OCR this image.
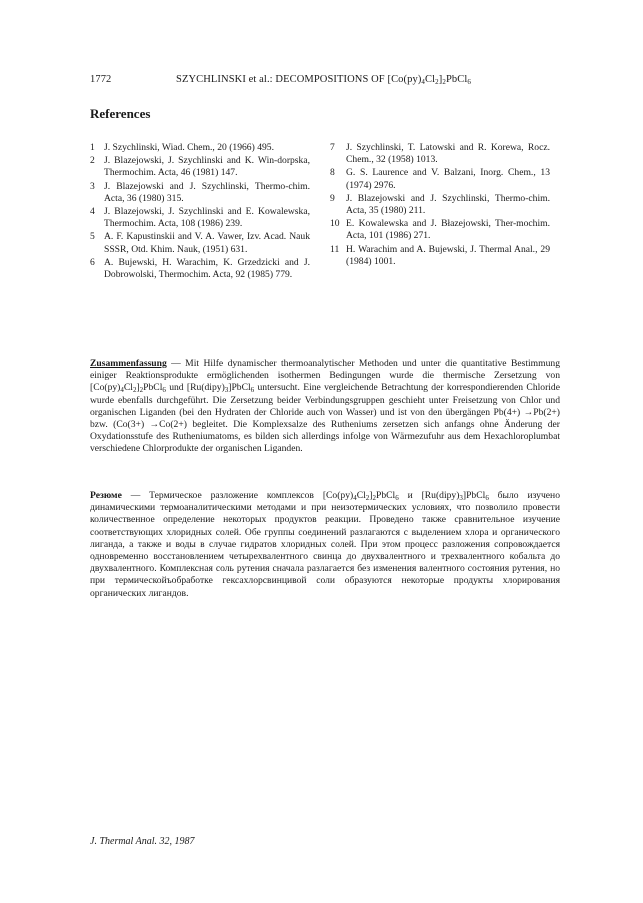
1772	SZYCHLINSKI et al.: DECOMPOSITIONS OF $[Co(py)_4Cl_2]_2PbCl_6$
References
1 J. Szychlinski, Wiad. Chem., 20 (1966) 495.
2 J. Blazejowski, J. Szychlinski and K. Win-dorpska, Thermochim. Acta, 46 (1981) 147.
3 J. Blazejowski and J. Szychlinski, Thermo-chim. Acta, 36 (1980) 315.
4 J. Blazejowski, J. Szychlinski and E. Kowalewska, Thermochim. Acta, 108 (1986) 239.
5 A. F. Kapustinskii and V. A. Vawer, Izv. Acad. Nauk SSSR, Otd. Khim. Nauk, (1951) 631.
6 A. Bujewski, H. Warachim, K. Grzedzicki and J. Dobrowolski, Thermochim. Acta, 92 (1985) 779.
7	J. Szychlinski, T. Latowski and R. Korewa, Rocz. Chem., 32 (1958) 1013.
8	G. S. Laurence and V. Balzani, Inorg. Chem., 13 (1974) 2976.
9	J. Blazejowski and J. Szychlinski, Thermo-chim. Acta, 35 (1980) 211.
10 E. Kowalewska and J. Błazejowski, Ther-mochim. Acta, 101 (1986) 271.
11 H. Warachim and A. Bujewski, J. Thermal Anal., 29 (1984) 1001.
Zusammenfassung — Mit Hilfe dynamischer thermoanalytischer Methoden und unter die quantitative Bestimmung einiger Reaktionsprodukte ermöglichenden isothermen Bedingungen wurde die thermische Zersetzung von $[Co(py)_4Cl_2]_2PbCl_6$ und $[Ru(dipy)_3]PbCl_6$ untersucht. Eine vergleichende Betrachtung der korrespondierenden Chloride wurde ebenfalls durchgeführt. Die Zersetzung beider Verbindungsgruppen geschieht unter Freisetzung von Chlor und organischen Liganden (bei den Hydraten der Chloride auch von Wasser) und ist von den übergängen Pb(4+) →Pb(2+) bzw. (Co(3+) →Co(2+) begleitet. Die Komplexsalze des Rutheniums zersetzen sich anfangs ohne Änderung der Oxydationsstufe des Rutheniumatoms, es bilden sich allerdings infolge von Wärmezufuhr aus dem Hexachloroplumbat verschiedene Chlorprodukte der organischen Liganden.
Резюме — Термическое разложение комплексов $[Co(py)_4Cl_2]_2PbCl_6$ и $[Ru(dipy)_3]PbCl_6$ было изучено динамическими термоаналитическими методами и при неизотермических условиях, что позволило провести количественное определение некоторых продуктов реакции. Проведено также сравнительное изучение соответствующих хлоридных солей. Обе группы соединений разлагаются с выделением хлора и органического лиганда, а также и воды в случае гидратов хлоридных солей. При этом процесс разложения сопровождается одновременно восстановлением четырехвалентного свинца до двухвалентного и трехвалентного кобальта до двухвалентного. Комплексная соль рутения сначала разлагается без изменения валентного состояния рутения, но при термическойъобработке гексахлорсвинцивой соли образуются некоторые продукты хлорирования органических лигандов.
J. Thermal Anal. 32, 1987
